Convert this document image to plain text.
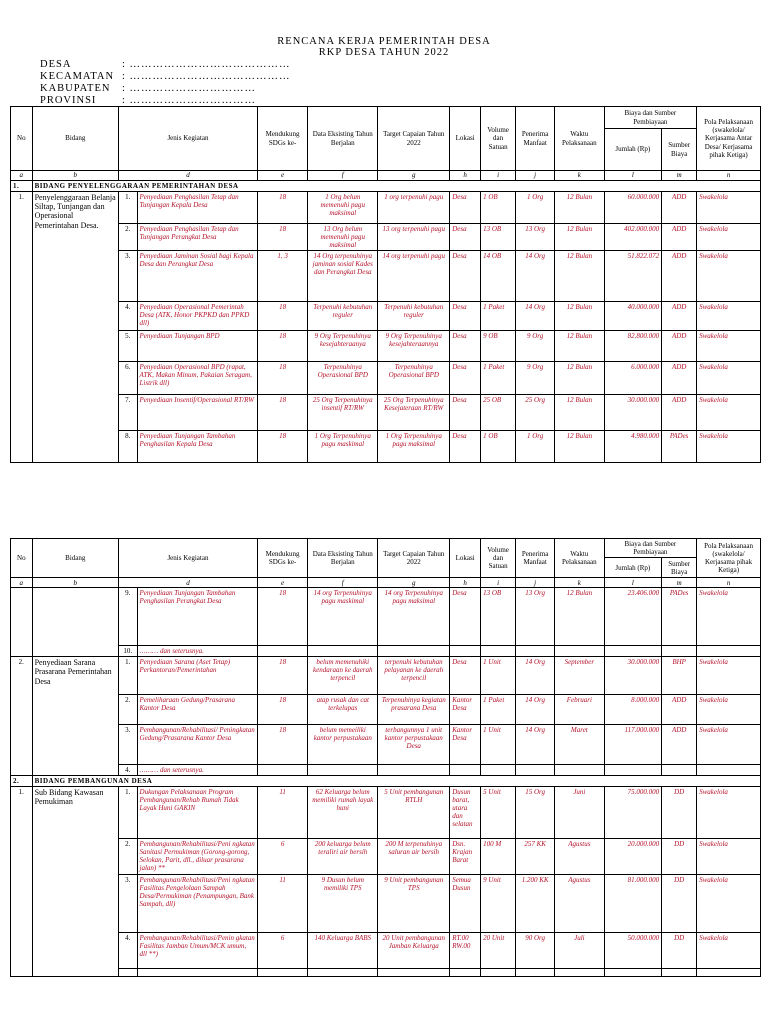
RENCANA KERJA PEMERINTAH DESA
RKP DESA TAHUN 2022
DESA	: ……………………………………
KECAMATAN : ……………………………………
KABUPATEN : ……………………………
PROVINSI : ……………………………
No	Bidang	Jenis Kegiatan		Mendukung SDGs ke-	Data Eksisting Tahun Berjalan	Target Capaian Tahun 2022	Lokasi	Volume dan Satuan	Penerima Manfaat	Waktu Pelaksanaan	Biaya dan Sumber Pembiayaan		Pola Pelaksanaan (swakelola/ Kerjasama Antar Desa/ Kerjasama pihak Ketiga)
											Jumlah (Rp)	Sumber Biaya	
a	b	d		e	f	g	h	i	j	k	l	m	n
1.	BIDANG PENYELENGGARAAN PEMERINTAHAN DESA												
1.	Penyelenggaraan Belanja Siltap, Tunjangan dan Operasional Pemerintahan Desa.	1.	Penyediaan Penghasilan Tetap dan Tunjangan Kepala Desa	18	1 Org belum memenuhi pagu maksimal	1 org terpenuhi pagu	Desa	1 OB	1 Org	12 Bulan	60.000.000	ADD	Swakelola
		2.	Penyediaan Penghasilan Tetap dan Tunjangan Perangkat Desa	18	13 Org belum memenuhi pagu maksimal	13 org terpenuhi pagu	Desa	13 OB	13 Org	12 Bulan	402.000.000	ADD	Swakelola
		3.	Penyediaan Jaminan Sosial bagi Kepala Desa dan Perangkat Desa	1, 3	14 Org terpenuhinya jaminan sosial Kades dan Perangkat Desa	14 org terpenuhi pagu	Desa	14 OB	14 Org	12 Bulan	51.822.072	ADD	Swakelola
		4.	Penyediaan Operasional Pemerintah Desa (ATK, Honor PKPKD dan PPKD dll)	18	Terpenuhi kebutuhan reguler	Terpenuhi kebutuhan reguler	Desa	1 Paket	14 Org	12 Bulan	40.000.000	ADD	Swakelola
		5.	Penyediaan Tunjangan BPD	18	9 Org Terpenuhinya kesejahteraanya	9 Org Terpenuhinya kesejahteraannya	Desa	9 OB	9 Org	12 Bulan	82.800.000	ADD	Swakelola
		6.	Penyediaan Operasional BPD (rapat, ATK, Makan Minum, Pakaian Seragam, Listrik dll)	18	Terpenuhinya Operasional BPD	Terpenuhinya Operasional BPD	Desa	1 Paket	9 Org	12 Bulan	6.000.000	ADD	Swakelola
		7.	Penyediaan Insentif/Operasional RT/RW	18	25 Org Terpenuhinya insentif RT/RW	25 Org Terpenuhinya Kesejateraan RT/RW	Desa	25 OB	25 Org	12 Bulan	30.000.000	ADD	Swakelola
		8.	Penyediaan Tunjangan Tambahan Penghasilan Kepala Desa	18	1 Org Terpenuhinya pagu maskimal	1 Org Terpenuhinya pagu maksimal	Desa	1 OB	1 Org	12 Bulan	4.980.000	PADes	Swakelola
No	Bidang	Jenis Kegiatan		Mendukung SDGs ke-	Data Eksisting Tahun Berjalan	Target Capaian Tahun 2022	Lokasi	Volume dan Satuan	Penerima Manfaat	Waktu Pelaksanaan	Biaya dan Sumber Pembiayaan		Pola Pelaksanaan (swakelola/ Kerjasama pihak Ketiga)
											Jumlah (Rp)	Sumber Biaya	
a	b	d		e	f	g	h	i	j	k	l	m	n
		9.	Penyediaan Tunjangan Tambahan Penghasilan Perangkat Desa	18	14 org Terpenuhinya pagu maskimal	14 org Terpenuhinya pagu maksimal	Desa	13 OB	13 Org	12 Bulan	23.406.000	PADes	Swakelola
		10.	……… dan seterusnya.										
2.	Penyediaan Sarana Prasarana Pemerintahan Desa	1.	Penyediaan Sarana (Aset Tetap) Perkantoran/Pemerintahan	18	belum memenuhiki kendaraan ke daerah terpencil	terpenuhi kebutuhan pelayanan ke daerah terpencil	Desa	1 Unit	14 Org	September	30.000.000	BHP	Swakelola
		2.	Pemeliharaan Gedung/Prasarana Kantor Desa	18	atap rusak dan cat terkelupas	Terpenuhinya kegiatan prasarana Desa	Kantor Desa	1 Paket	14 Org	Februari	8.000.000	ADD	Swakelola
		3.	Pembangunan/Rehabilitasi/ Peningkatan Gedung/Prasarana Kantor Desa	18	belum memeiliki kantor perpustakaan	terbangunnya 1 unit kantor perpustakaan Desa	Kantor Desa	1 Unit	14 Org	Maret	117.000.000	ADD	Swakelola
		4.	……… dan seterusnya.										
2.	BIDANG PEMBANGUNAN DESA												
1.	Sub Bidang Kawasan Pemukiman	1.	Dukungan Pelaksanaan Program Pembangunan/Rehab Rumah Tidak Layak Huni GAKIN	11	62 Keluarga belum memiliki rumah layak huni	5 Unit pembangunan RTLH	Dusun barat, utara dan selatan	5 Unit	15 Org	Juni	75.000.000	DD	Swakelola
		2.	Pembangunan/Rehabilitasi/Peni ngkatan Sanitasi Permukiman (Gorong-gorong, Selokan, Parit, dll., diluar prasarana jalan) **	6	200 keluarga belum teraliri air bersih	200 M terpenuhinya saluran air bersih	Dsn. Krajan Barat	100 M	257 KK	Agustus	20.000.000	DD	Swakelola
		3.	Pembangunan/Rehabilitasi/Peni ngkatan Fasilitas Pengelolaan Sampah Desa/Permukiman (Penampungan, Bank Sampah, dll)	11	9 Dusun belum memiliki TPS	9 Unit pembangunan TPS	Semua Dusun	9 Unit	1.200 KK	Agustus	81.000.000	DD	Swakelola
		4.	Pembangunan/Rehabilitasi/Penin gkatan Fasilitas Jamban Umum/MCK umum, dll **)	6	140 Keluarga BABS	20 Unit pembangunan Jamban Keluarga	RT.00 RW.00	20 Unit	90 Org	Juli	50.000.000	DD	Swakelola
